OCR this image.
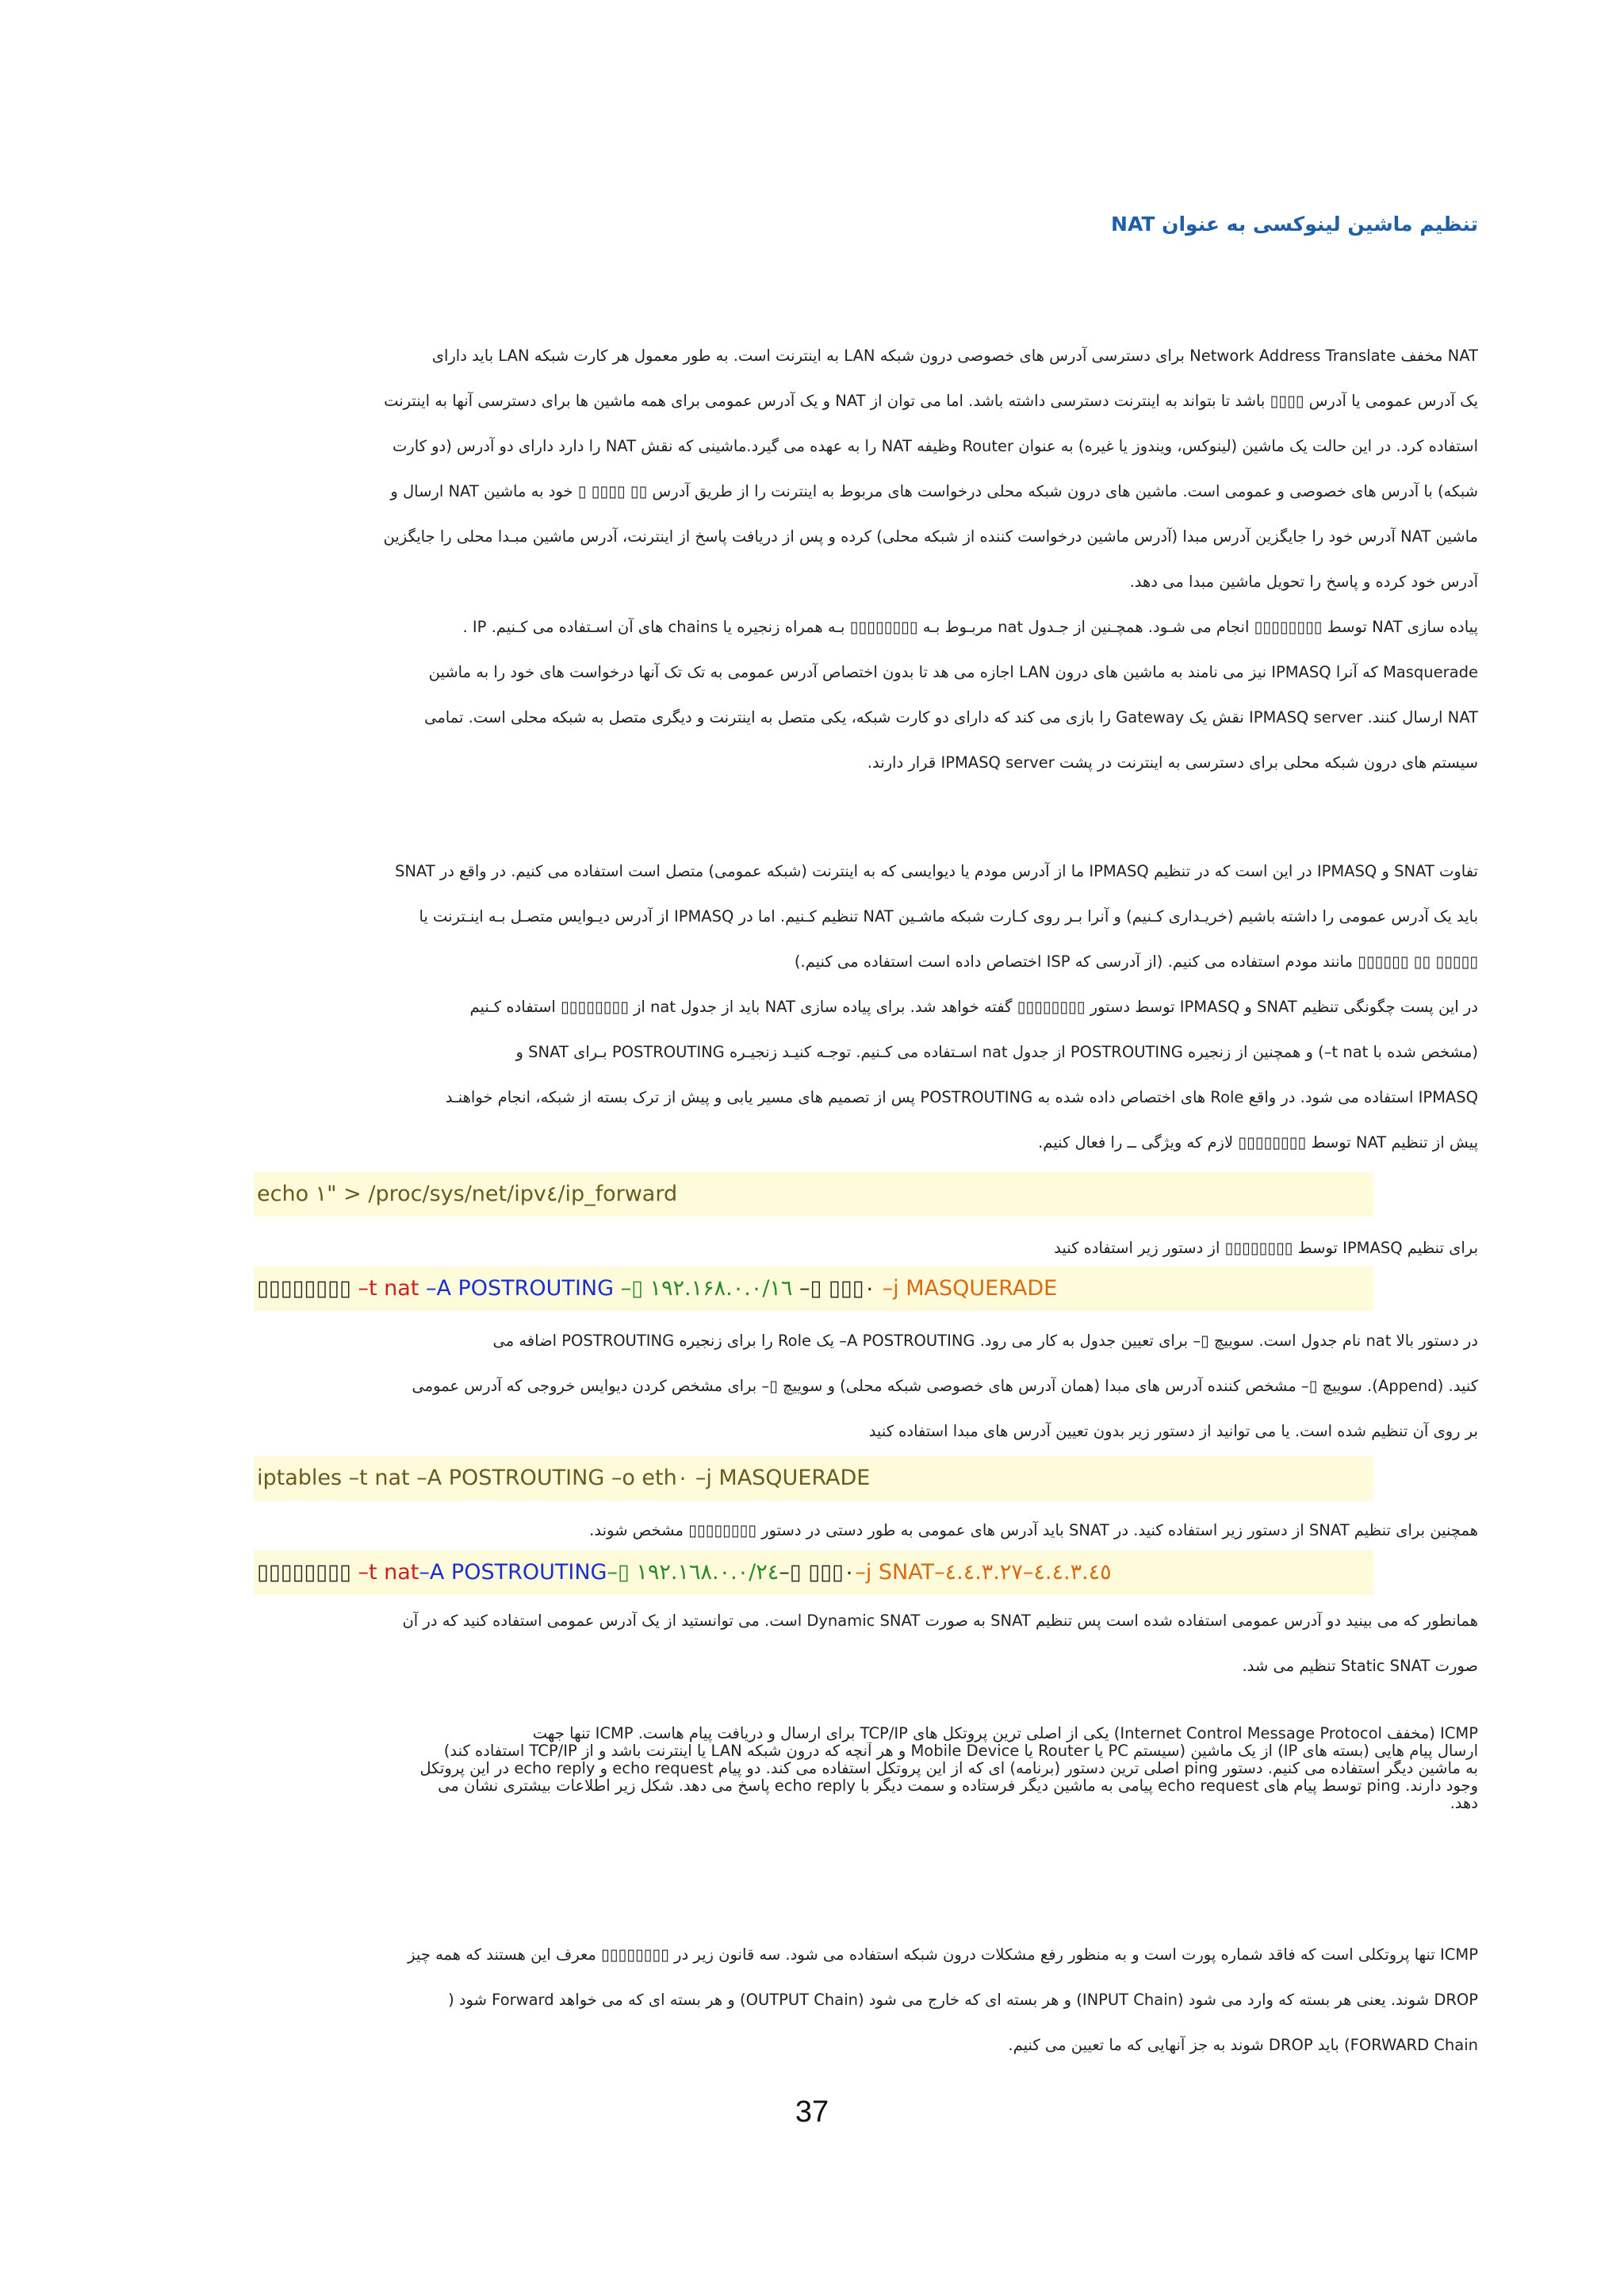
تنظیم ماشین لینوکسی به عنوان NAT
NAT مخفف Network Address Translate برای دسترسی آدرس های خصوصی درون شبکه LAN به اینترنت است. به طور معمول هر کارت شبکه LAN باید دارای
یک آدرس عمومی یا آدرس ▯▯▯▯ باشد تا بتواند به اینترنت دسترسی داشته باشد. اما می توان از NAT و یک آدرس عمومی برای همه ماشین ها برای دسترسی آنها به اینترنت
استفاده کرد. در این حالت یک ماشین (لینوکس، ویندوز یا غیره) به عنوان Router وظیفه NAT را به عهده می گیرد.ماشینی که نقش NAT را دارد دارای دو آدرس (دو کارت
شبکه) با آدرس های خصوصی و عمومی است. ماشین های درون شبکه محلی درخواست های مربوط به اینترنت را از طریق آدرس ▯▯ ▯▯▯▯ ▯ خود به ماشین NAT ارسال و
ماشین NAT آدرس خود را جایگزین آدرس مبدا (آدرس ماشین درخواست کننده از شبکه محلی) کرده و پس از دریافت پاسخ از اینترنت، آدرس ماشین مبـدا محلی را جایگزین
آدرس خود کرده و پاسخ را تحویل ماشین مبدا می دهد.
پیاده سازی NAT توسط ▯▯▯▯▯▯▯▯ انجام می شـود. همچـنین از جـدول nat مربـوط بـه ▯▯▯▯▯▯▯▯ بـه همراه زنجیره یا chains های آن اسـتفاده می کـنیم. IP .
Masquerade که آنرا IPMASQ نیز می نامند به ماشین های درون LAN اجازه می هد تا بدون اختصاص آدرس عمومی به تک تک آنها درخواست های خود را به ماشین
NAT ارسال کنند. IPMASQ server نقش یک Gateway را بازی می کند که دارای دو کارت شبکه، یکی متصل به اینترنت و دیگری متصل به شبکه محلی است. تمامی
سیستم های درون شبکه محلی برای دسترسی به اینترنت در پشت IPMASQ server قرار دارند.
تفاوت SNAT و IPMASQ در این است که در تنظیم IPMASQ ما از آدرس مودم یا دیوایسی که به اینترنت (شبکه عمومی) متصل است استفاده می کنیم. در واقع در SNAT
باید یک آدرس عمومی را داشته باشیم (خریـداری کـنیم) و آنرا بـر روی کـارت شبکه ماشـین NAT تنظیم کـنیم. اما در IPMASQ از آدرس دیـوایس متصـل بـه اینـترنت یا
▯▯▯▯▯ ▯▯ ▯▯▯▯▯▯ مانند مودم استفاده می کنیم. (از آدرسی که ISP اختصاص داده است استفاده می کنیم.)
در این پست چگونگی تنظیم SNAT و IPMASQ توسط دستور ▯▯▯▯▯▯▯▯ گفته خواهد شد. برای پیاده سازی NAT باید از جدول nat از ▯▯▯▯▯▯▯▯ استفاده کـنیم
(مشخص شده با t nat–) و همچنین از زنجیره POSTROUTING از جدول nat اسـتفاده می کـنیم. توجـه کنیـد زنجیـره POSTROUTING بـرای SNAT و
IPMASQ استفاده می شود. در واقع Role های اختصاص داده شده به POSTROUTING پس از تصمیم های مسیر یابی و پیش از ترک بسته از شبکه، انجام خواهنـد
پیش از تنظیم NAT توسط ▯▯▯▯▯▯▯▯ لازم که ویژگی ــ را فعال کنیم.
echo ۱" > /proc/sys/net/ipv٤/ip_forward
برای تنظیم IPMASQ توسط ▯▯▯▯▯▯▯▯ از دستور زیر استفاده کنید
▯▯▯▯▯▯▯▯ –t nat –A POSTROUTING –▯ ۱۹۲.۱۶۸.۰.۰/۱٦ –▯ ▯▯▯۰ –j MASQUERADE
در دستور بالا nat نام جدول است. سوییچ ▯– برای تعیین جدول به کار می رود. A POSTROUTING– یک Role را برای زنجیره POSTROUTING اضافه می
کنید. (Append). سوییچ ▯– مشخص کننده آدرس های مبدا (همان آدرس های خصوصی شبکه محلی) و سوییچ ▯– برای مشخص کردن دیوایس خروجی که آدرس عمومی
بر روی آن تنظیم شده است. یا می توانید از دستور زیر بدون تعیین آدرس های مبدا استفاده کنید
iptables –t nat –A POSTROUTING –o eth۰ –j MASQUERADE
همچنین برای تنظیم SNAT از دستور زیر استفاده کنید. در SNAT باید آدرس های عمومی به طور دستی در دستور ▯▯▯▯▯▯▯▯ مشخص شوند.
▯▯▯▯▯▯▯▯ –t nat–A POSTROUTING–▯ ۱۹۲.۱٦۸.۰.۰/۲٤–▯ ▯▯▯۰–j SNAT–٤.٤.۳.۲۷–٤.٤.۳.٤٥
همانطور که می بینید دو آدرس عمومی استفاده شده است پس تنظیم SNAT به صورت Dynamic SNAT است. می توانستید از یک آدرس عمومی استفاده کنید که در آن
صورت Static SNAT تنظیم می شد.
ICMP (مخفف Internet Control Message Protocol) یکی از اصلی ترین پروتکل های TCP/IP برای ارسال و دریافت پیام هاست. ICMP تنها جهت
ارسال پیام هایی (بسته های IP) از یک ماشین (سیستم PC یا Router یا Mobile Device و هر آنچه که درون شبکه LAN یا اینترنت باشد و از TCP/IP استفاده کند)
به ماشین دیگر استفاده می کنیم. دستور ping اصلی ترین دستور (برنامه) ای که از این پروتکل استفاده می کند. دو پیام echo request و echo reply در این پروتکل
وجود دارند. ping توسط پیام های echo request پیامی به ماشین دیگر فرستاده و سمت دیگر با echo reply پاسخ می دهد. شکل زیر اطلاعات بیشتری نشان می
دهد.
ICMP تنها پروتکلی است که فاقد شماره پورت است و به منظور رفع مشکلات درون شبکه استفاده می شود. سه قانون زیر در ▯▯▯▯▯▯▯▯ معرف این هستند که همه چیز
DROP شوند. یعنی هر بسته که وارد می شود (INPUT Chain) و هر بسته ای که خارج می شود (OUTPUT Chain) و هر بسته ای که می خواهد Forward شود (
FORWARD Chain) باید DROP شوند به جز آنهایی که ما تعیین می کنیم.
37
